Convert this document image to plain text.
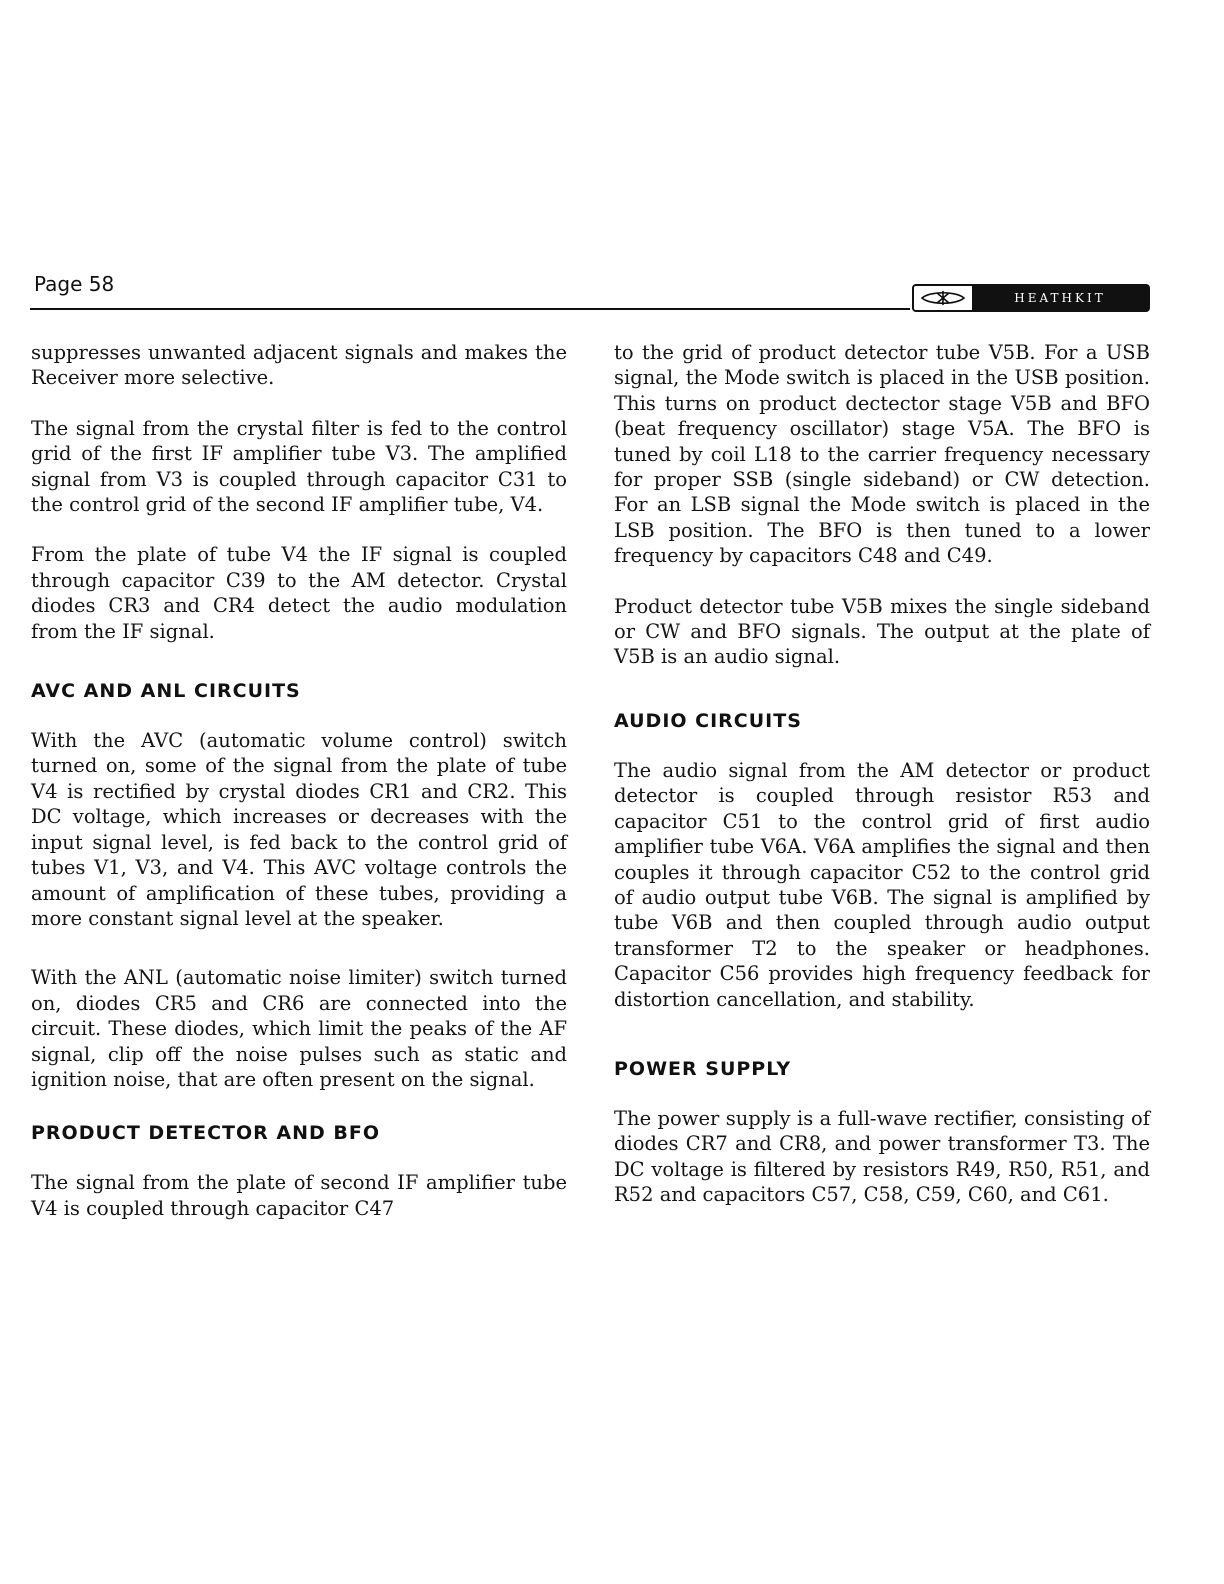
Page 58
HEATHKIT

suppresses unwanted adjacent signals and makes the Receiver more selective.

The signal from the crystal filter is fed to the control grid of the first IF amplifier tube V3. The amplified signal from V3 is coupled through capacitor C31 to the control grid of the second IF amplifier tube, V4.

From the plate of tube V4 the IF signal is coupled through capacitor C39 to the AM detector. Crystal diodes CR3 and CR4 detect the audio modulation from the IF signal.

AVC AND ANL CIRCUITS

With the AVC (automatic volume control) switch turned on, some of the signal from the plate of tube V4 is rectified by crystal diodes CR1 and CR2. This DC voltage, which increases or decreases with the input signal level, is fed back to the control grid of tubes V1, V3, and V4. This AVC voltage controls the amount of amplification of these tubes, providing a more constant signal level at the speaker.

With the ANL (automatic noise limiter) switch turned on, diodes CR5 and CR6 are connected into the circuit. These diodes, which limit the peaks of the AF signal, clip off the noise pulses such as static and ignition noise, that are often present on the signal.

PRODUCT DETECTOR AND BFO

The signal from the plate of second IF amplifier tube V4 is coupled through capacitor C47

to the grid of product detector tube V5B. For a USB signal, the Mode switch is placed in the USB position. This turns on product dectector stage V5B and BFO (beat frequency oscillator) stage V5A. The BFO is tuned by coil L18 to the carrier frequency necessary for proper SSB (single sideband) or CW detection. For an LSB signal the Mode switch is placed in the LSB position. The BFO is then tuned to a lower frequency by capacitors C48 and C49.

Product detector tube V5B mixes the single sideband or CW and BFO signals. The output at the plate of V5B is an audio signal.

AUDIO CIRCUITS

The audio signal from the AM detector or product detector is coupled through resistor R53 and capacitor C51 to the control grid of first audio amplifier tube V6A. V6A amplifies the signal and then couples it through capacitor C52 to the control grid of audio output tube V6B. The signal is amplified by tube V6B and then coupled through audio output transformer T2 to the speaker or headphones. Capacitor C56 provides high frequency feedback for distortion cancellation, and stability.

POWER SUPPLY

The power supply is a full-wave rectifier, consisting of diodes CR7 and CR8, and power transformer T3. The DC voltage is filtered by resistors R49, R50, R51, and R52 and capacitors C57, C58, C59, C60, and C61.
